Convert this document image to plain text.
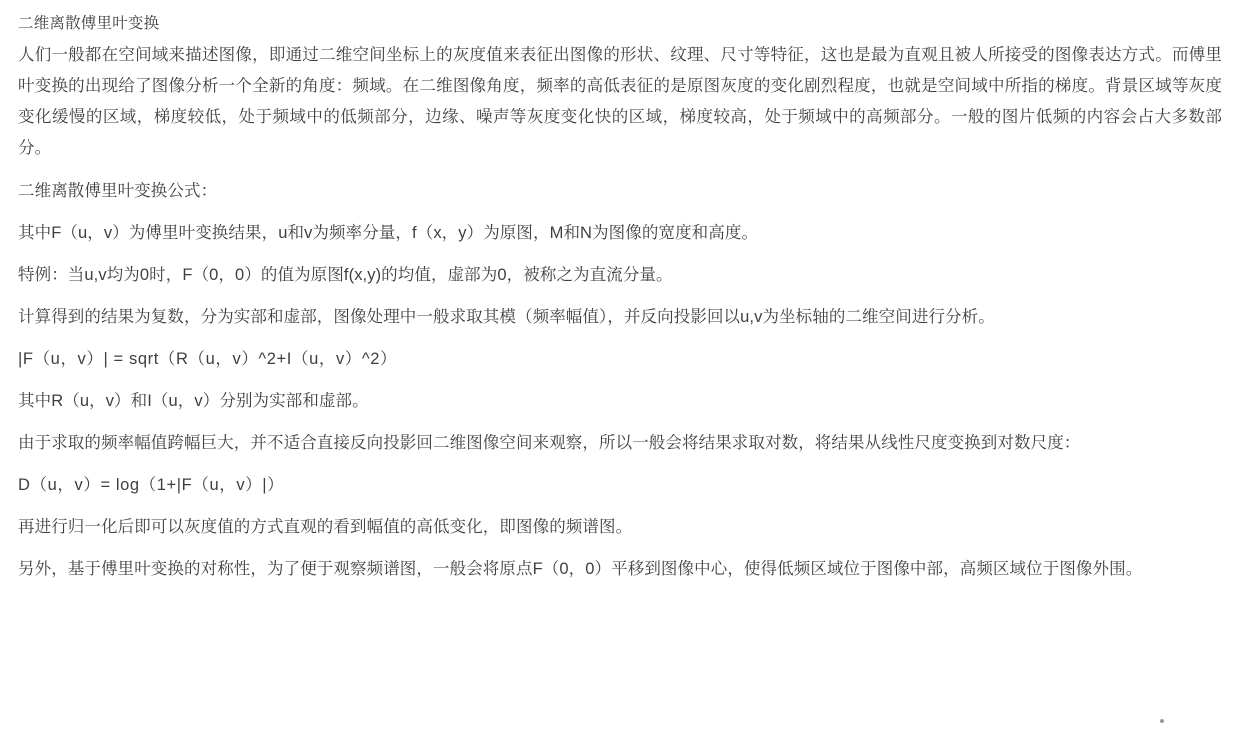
二维离散傅里叶变换

人们一般都在空间域来描述图像，即通过二维空间坐标上的灰度值来表征出图像的形状、纹理、尺寸等特征，这也是最为直观且被人所接受的图像表达方式。而傅里叶变换的出现给了图像分析一个全新的角度：频域。在二维图像角度，频率的高低表征的是原图灰度的变化剧烈程度，也就是空间域中所指的梯度。背景区域等灰度变化缓慢的区域，梯度较低，处于频域中的低频部分，边缘、噪声等灰度变化快的区域，梯度较高，处于频域中的高频部分。一般的图片低频的内容会占大多数部分。

二维离散傅里叶变换公式：

其中F（u，v）为傅里叶变换结果，u和v为频率分量，f（x，y）为原图，M和N为图像的宽度和高度。

特例：当u,v均为0时，F（0，0）的值为原图f(x,y)的均值，虚部为0，被称之为直流分量。

计算得到的结果为复数，分为实部和虚部，图像处理中一般求取其模（频率幅值），并反向投影回以u,v为坐标轴的二维空间进行分析。

|F（u，v）| = sqrt（R（u，v）^2+I（u，v）^2）

其中R（u，v）和I（u，v）分别为实部和虚部。

由于求取的频率幅值跨幅巨大，并不适合直接反向投影回二维图像空间来观察，所以一般会将结果求取对数，将结果从线性尺度变换到对数尺度：

D（u，v）= log（1+|F（u，v）|）

再进行归一化后即可以灰度值的方式直观的看到幅值的高低变化，即图像的频谱图。

另外，基于傅里叶变换的对称性，为了便于观察频谱图，一般会将原点F（0，0）平移到图像中心，使得低频区域位于图像中部，高频区域位于图像外围。
